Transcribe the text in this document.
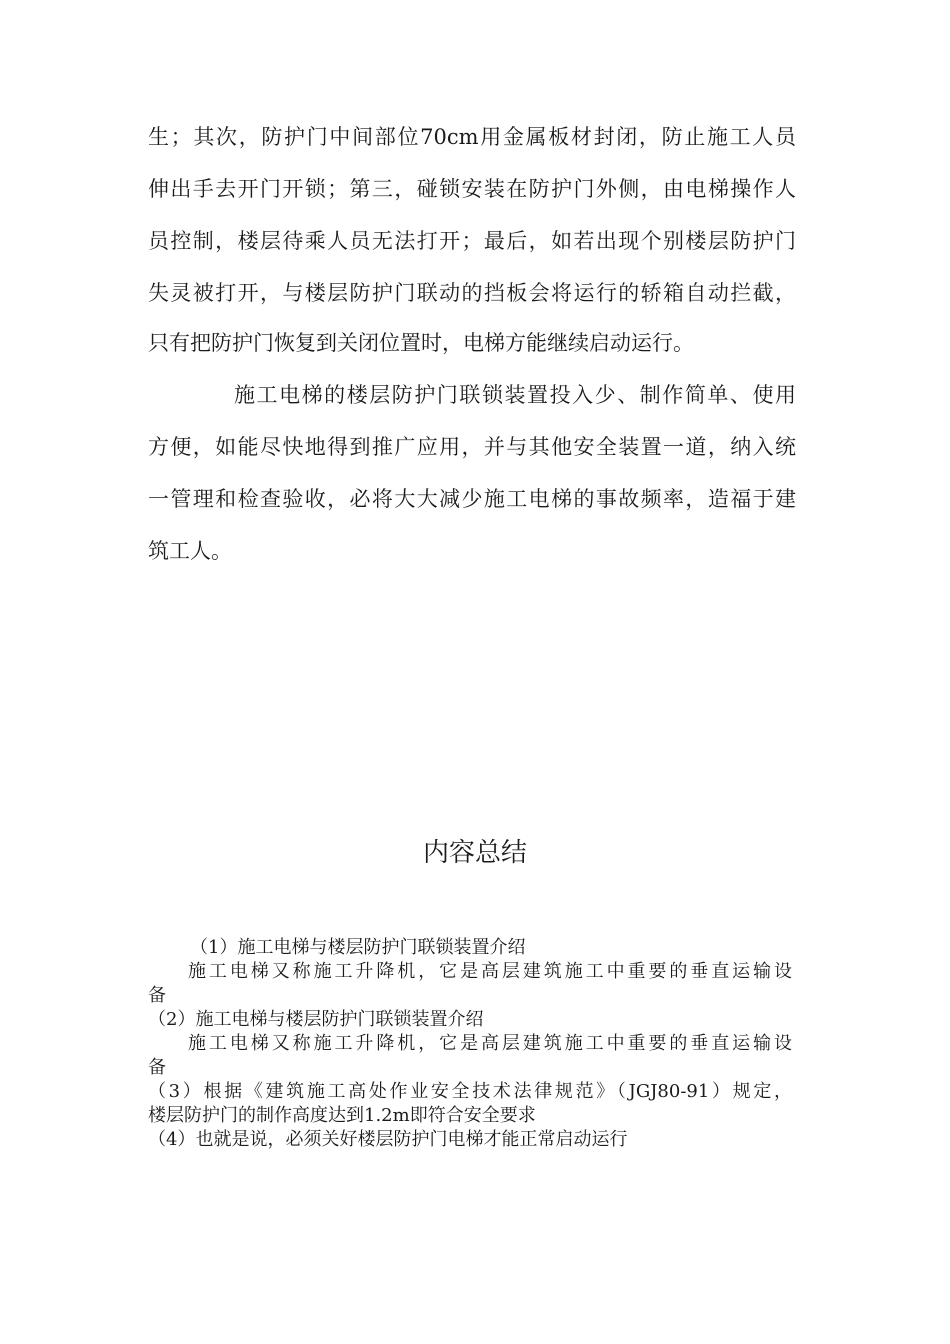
生；其次，防护门中间部位70cm用金属板材封闭，防止施工人员
伸出手去开门开锁；第三，碰锁安装在防护门外侧，由电梯操作人
员控制，楼层待乘人员无法打开；最后，如若出现个别楼层防护门
失灵被打开，与楼层防护门联动的挡板会将运行的轿箱自动拦截，
只有把防护门恢复到关闭位置时，电梯方能继续启动运行。
施工电梯的楼层防护门联锁装置投入少、制作简单、使用
方便，如能尽快地得到推广应用，并与其他安全装置一道，纳入统
一管理和检查验收，必将大大减少施工电梯的事故频率，造福于建
筑工人。
内容总结
（1）施工电梯与楼层防护门联锁装置介绍
施工电梯又称施工升降机，它是高层建筑施工中重要的垂直运输设
备
（2）施工电梯与楼层防护门联锁装置介绍
施工电梯又称施工升降机，它是高层建筑施工中重要的垂直运输设
备
（3）根据《建筑施工高处作业安全技术法律规范》（JGJ80-91）规定，
楼层防护门的制作高度达到1.2m即符合安全要求
（4）也就是说，必须关好楼层防护门电梯才能正常启动运行
